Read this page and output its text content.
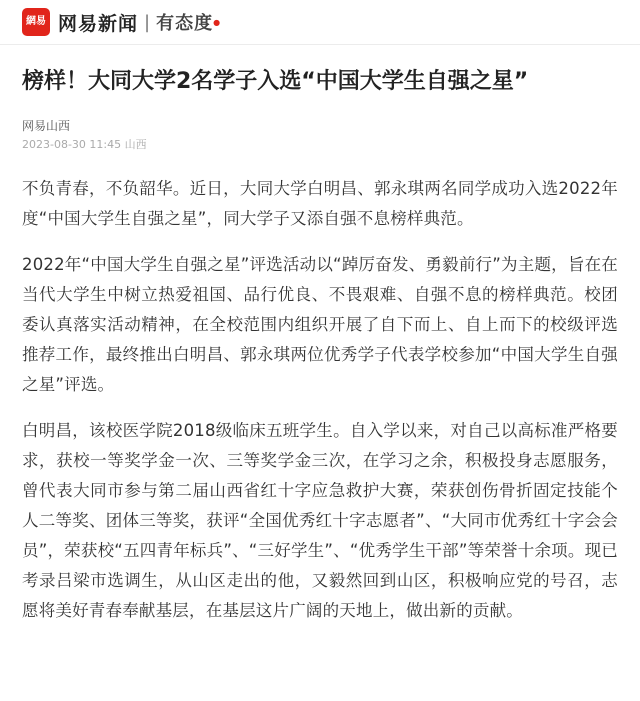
網易 网易新闻 | 有态度 ●
榜样！大同大学2名学子入选“中国大学生自强之星”
网易山西
2023-08-30 11:45 山西

不负青春，不负韶华。近日，大同大学白明昌、郭永琪两名同学成功入选2022年度“中国大学生自强之星”，同大学子又添自强不息榜样典范。

2022年“中国大学生自强之星”评选活动以“踔厉奋发、勇毅前行”为主题，旨在在当代大学生中树立热爱祖国、品行优良、不畏艰难、自强不息的榜样典范。校团委认真落实活动精神，在全校范围内组织开展了自下而上、自上而下的校级评选推荐工作，最终推出白明昌、郭永琪两位优秀学子代表学校参加“中国大学生自强之星”评选。

白明昌，该校医学院2018级临床五班学生。自入学以来，对自己以高标准严格要求，获校一等奖学金一次、三等奖学金三次，在学习之余，积极投身志愿服务，曾代表大同市参与第二届山西省红十字应急救护大赛，荣获创伤骨折固定技能个人二等奖、团体三等奖，获评“全国优秀红十字志愿者”、“大同市优秀红十字会会员”，荣获校“五四青年标兵”、“三好学生”、“优秀学生干部”等荣誉十余项。现已考录吕梁市选调生，从山区走出的他，又毅然回到山区，积极响应党的号召，志愿将美好青春奉献基层，在基层这片广阔的天地上，做出新的贡献。
